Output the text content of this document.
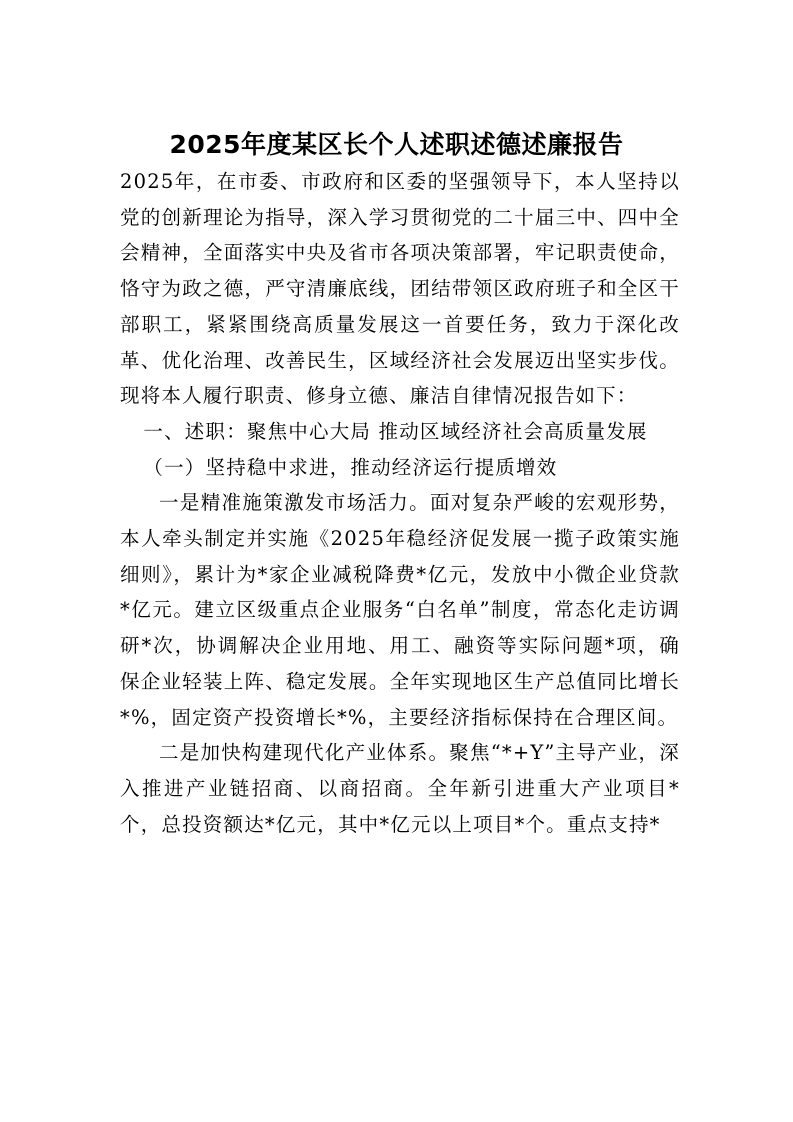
2025年度某区长个人述职述德述廉报告

2025年，在市委、市政府和区委的坚强领导下，本人坚持以党的创新理论为指导，深入学习贯彻党的二十届三中、四中全会精神，全面落实中央及省市各项决策部署，牢记职责使命，恪守为政之德，严守清廉底线，团结带领区政府班子和全区干部职工，紧紧围绕高质量发展这一首要任务，致力于深化改革、优化治理、改善民生，区域经济社会发展迈出坚实步伐。现将本人履行职责、修身立德、廉洁自律情况报告如下：

一、述职：聚焦中心大局 推动区域经济社会高质量发展

（一）坚持稳中求进，推动经济运行提质增效

一是精准施策激发市场活力。面对复杂严峻的宏观形势，本人牵头制定并实施《2025年稳经济促发展一揽子政策实施细则》，累计为*家企业减税降费*亿元，发放中小微企业贷款*亿元。建立区级重点企业服务“白名单”制度，常态化走访调研*次，协调解决企业用地、用工、融资等实际问题*项，确保企业轻装上阵、稳定发展。全年实现地区生产总值同比增长*%，固定资产投资增长*%，主要经济指标保持在合理区间。

二是加快构建现代化产业体系。聚焦“*+Y”主导产业，深入推进产业链招商、以商招商。全年新引进重大产业项目*个，总投资额达*亿元，其中*亿元以上项目*个。重点支持*
